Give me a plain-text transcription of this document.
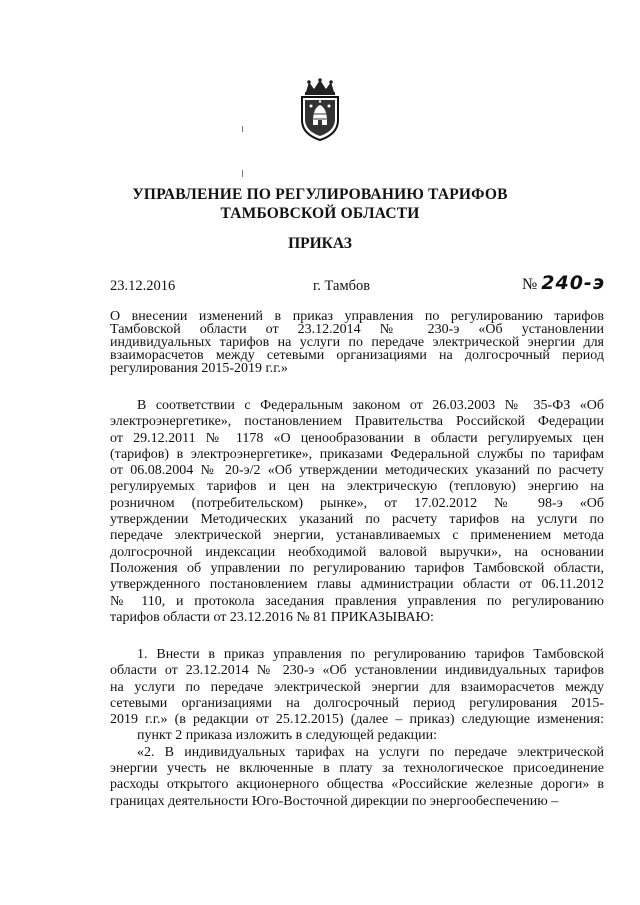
УПРАВЛЕНИЕ ПО РЕГУЛИРОВАНИЮ ТАРИФОВ
ТАМБОВСКОЙ ОБЛАСТИ
ПРИКАЗ
23.12.2016	г. Тамбов	№ 240-э
О внесении изменений в приказ управления по регулированию тарифов
Тамбовской области от 23.12.2014 № 230-э «Об установлении
индивидуальных тарифов на услуги по передаче электрической энергии для
взаиморасчетов между сетевыми организациями на долгосрочный период
регулирования 2015-2019 г.г.»
В соответствии с Федеральным законом от 26.03.2003 № 35-ФЗ «Об
электроэнергетике», постановлением Правительства Российской Федерации
от 29.12.2011 № 1178 «О ценообразовании в области регулируемых цен
(тарифов) в электроэнергетике», приказами Федеральной службы по тарифам
от 06.08.2004 № 20-э/2 «Об утверждении методических указаний по расчету
регулируемых тарифов и цен на электрическую (тепловую) энергию на
розничном (потребительском) рынке», от 17.02.2012 № 98-э «Об
утверждении Методических указаний по расчету тарифов на услуги по
передаче электрической энергии, устанавливаемых с применением метода
долгосрочной индексации необходимой валовой выручки», на основании
Положения об управлении по регулированию тарифов Тамбовской области,
утвержденного постановлением главы администрации области от 06.11.2012
№ 110, и протокола заседания правления управления по регулированию
тарифов области от 23.12.2016 № 81 ПРИКАЗЫВАЮ:
1. Внести в приказ управления по регулированию тарифов Тамбовской
области от 23.12.2014 № 230-э «Об установлении индивидуальных тарифов
на услуги по передаче электрической энергии для взаиморасчетов между
сетевыми организациями на долгосрочный период регулирования 2015-
2019 г.г.» (в редакции от 25.12.2015) (далее – приказ) следующие изменения:
пункт 2 приказа изложить в следующей редакции:
«2. В индивидуальных тарифах на услуги по передаче электрической
энергии учесть не включенные в плату за технологическое присоединение
расходы открытого акционерного общества «Российские железные дороги» в
границах деятельности Юго-Восточной дирекции по энергообеспечению –
